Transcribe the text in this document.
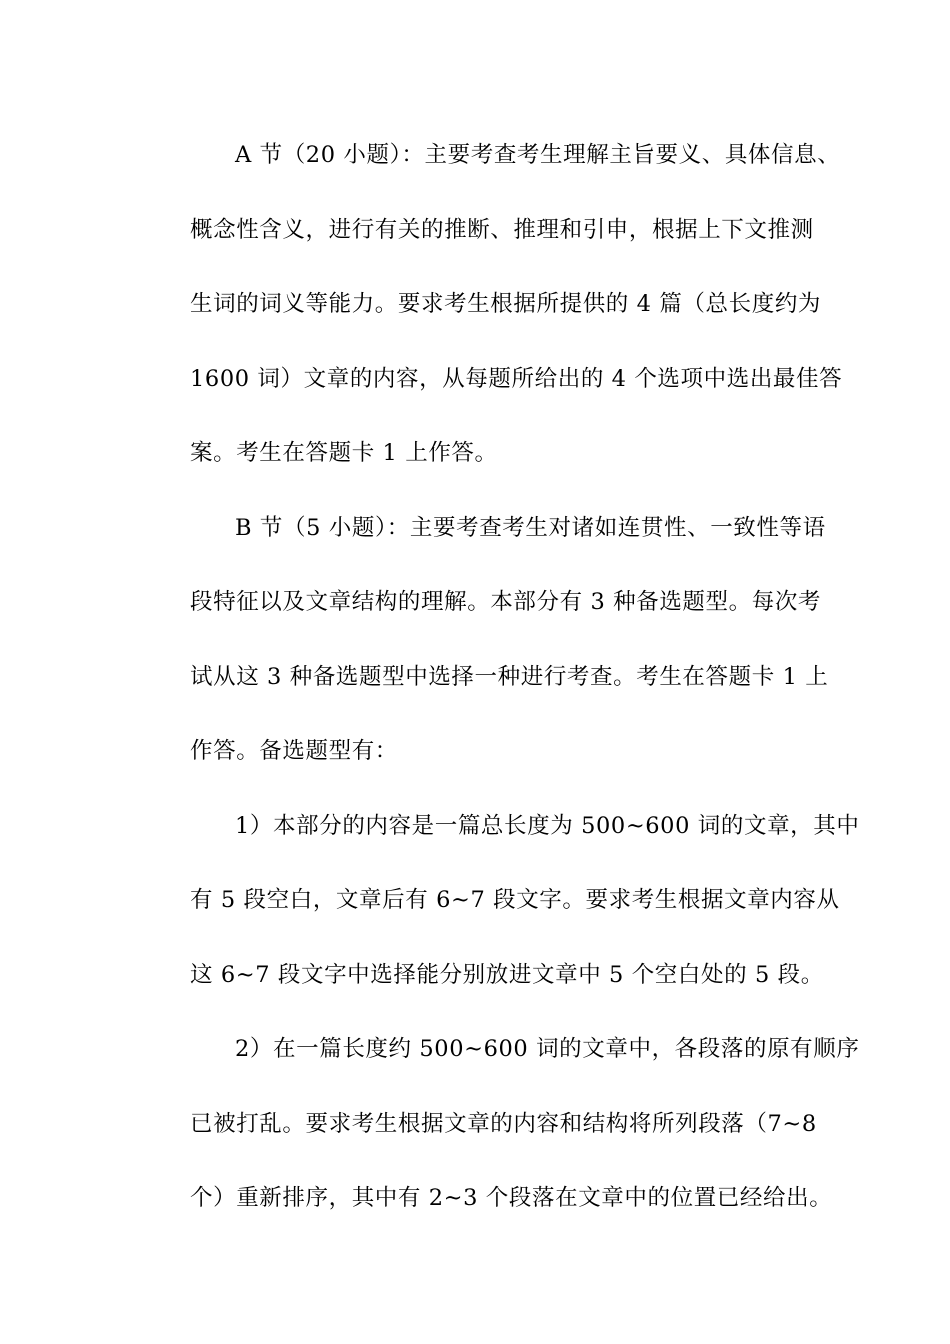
A 节（20 小题）：主要考查考生理解主旨要义、具体信息、
概念性含义，进行有关的推断、推理和引申，根据上下文推测
生词的词义等能力。要求考生根据所提供的 4 篇（总长度约为
1600 词）文章的内容，从每题所给出的 4 个选项中选出最佳答
案。考生在答题卡 1 上作答。
B 节（5 小题）：主要考查考生对诸如连贯性、一致性等语
段特征以及文章结构的理解。本部分有 3 种备选题型。每次考
试从这 3 种备选题型中选择一种进行考查。考生在答题卡 1 上
作答。备选题型有：
1）本部分的内容是一篇总长度为 500~600 词的文章，其中
有 5 段空白，文章后有 6~7 段文字。要求考生根据文章内容从
这 6~7 段文字中选择能分别放进文章中 5 个空白处的 5 段。
2）在一篇长度约 500~600 词的文章中，各段落的原有顺序
已被打乱。要求考生根据文章的内容和结构将所列段落（7~8
个）重新排序，其中有 2~3 个段落在文章中的位置已经给出。
